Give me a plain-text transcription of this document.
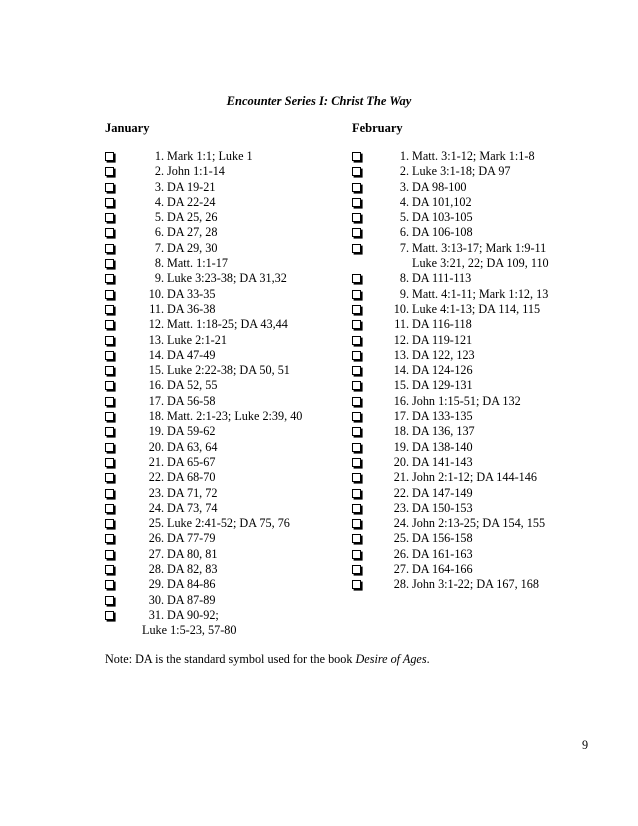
Encounter Series I: Christ The Way
January	February
1. Mark 1:1; Luke 1
2. John 1:1-14
3. DA 19-21
4. DA 22-24
5. DA 25, 26
6. DA 27, 28
7. DA 29, 30
8. Matt. 1:1-17
9. Luke 3:23-38; DA 31,32
10. DA 33-35
11. DA 36-38
12. Matt. 1:18-25; DA 43,44
13. Luke 2:1-21
14. DA 47-49
15. Luke 2:22-38; DA 50, 51
16. DA 52, 55
17. DA 56-58
18. Matt. 2:1-23; Luke 2:39, 40
19. DA 59-62
20. DA 63, 64
21. DA 65-67
22. DA 68-70
23. DA 71, 72
24. DA 73, 74
25. Luke 2:41-52; DA 75, 76
26. DA 77-79
27. DA 80, 81
28. DA 82, 83
29. DA 84-86
30. DA 87-89
31. DA 90-92;
Luke 1:5-23, 57-80
1. Matt. 3:1-12; Mark 1:1-8
2. Luke 3:1-18; DA 97
3. DA 98-100
4. DA 101,102
5. DA 103-105
6. DA 106-108
7. Matt. 3:13-17; Mark 1:9-11
Luke 3:21, 22; DA 109, 110
8. DA 111-113
9. Matt. 4:1-11; Mark 1:12, 13
10. Luke 4:1-13; DA 114, 115
11. DA 116-118
12. DA 119-121
13. DA 122, 123
14. DA 124-126
15. DA 129-131
16. John 1:15-51; DA 132
17. DA 133-135
18. DA 136, 137
19. DA 138-140
20. DA 141-143
21. John 2:1-12; DA 144-146
22. DA 147-149
23. DA 150-153
24. John 2:13-25; DA 154, 155
25. DA 156-158
26. DA 161-163
27. DA 164-166
28. John 3:1-22; DA 167, 168
Note: DA is the standard symbol used for the book Desire of Ages.
9
